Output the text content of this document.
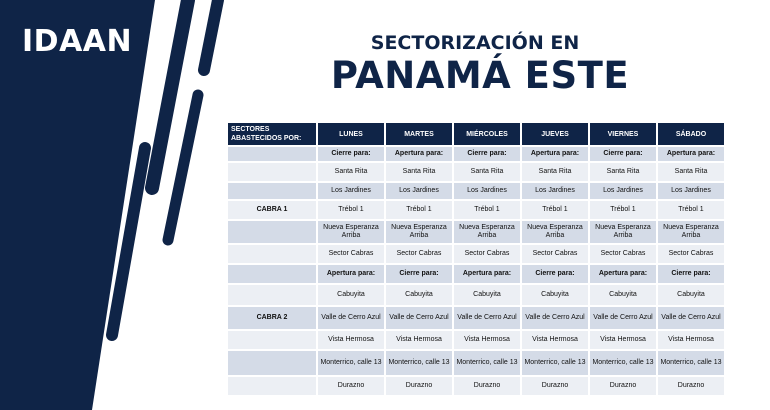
IDAAN	SECTORIZACIÓN EN
PANAMÁ ESTE
SECTORES ABASTECIDOS POR:	LUNES	MARTES	MIÉRCOLES	JUEVES	VIERNES	SÁBADO
	Cierre para:	Apertura para:	Cierre para:	Apertura para:	Cierre para:	Apertura para:
	Santa Rita	Santa Rita	Santa Rita	Santa Rita	Santa Rita	Santa Rita
	Los Jardines	Los Jardines	Los Jardines	Los Jardines	Los Jardines	Los Jardines
CABRA 1	Trébol 1	Trébol 1	Trébol 1	Trébol 1	Trébol 1	Trébol 1
	Nueva Esperanza Arriba	Nueva Esperanza Arriba	Nueva Esperanza Arriba	Nueva Esperanza Arriba	Nueva Esperanza Arriba	Nueva Esperanza Arriba
	Sector Cabras	Sector Cabras	Sector Cabras	Sector Cabras	Sector Cabras	Sector Cabras
	Apertura para:	Cierre para:	Apertura para:	Cierre para:	Apertura para:	Cierre para:
	Cabuyita	Cabuyita	Cabuyita	Cabuyita	Cabuyita	Cabuyita
CABRA 2	Valle de Cerro Azul	Valle de Cerro Azul	Valle de Cerro Azul	Valle de Cerro Azul	Valle de Cerro Azul	Valle de Cerro Azul
	Vista Hermosa	Vista Hermosa	Vista Hermosa	Vista Hermosa	Vista Hermosa	Vista Hermosa
	Monterrico, calle 13	Monterrico, calle 13	Monterrico, calle 13	Monterrico, calle 13	Monterrico, calle 13	Monterrico, calle 13
	Durazno	Durazno	Durazno	Durazno	Durazno	Durazno
